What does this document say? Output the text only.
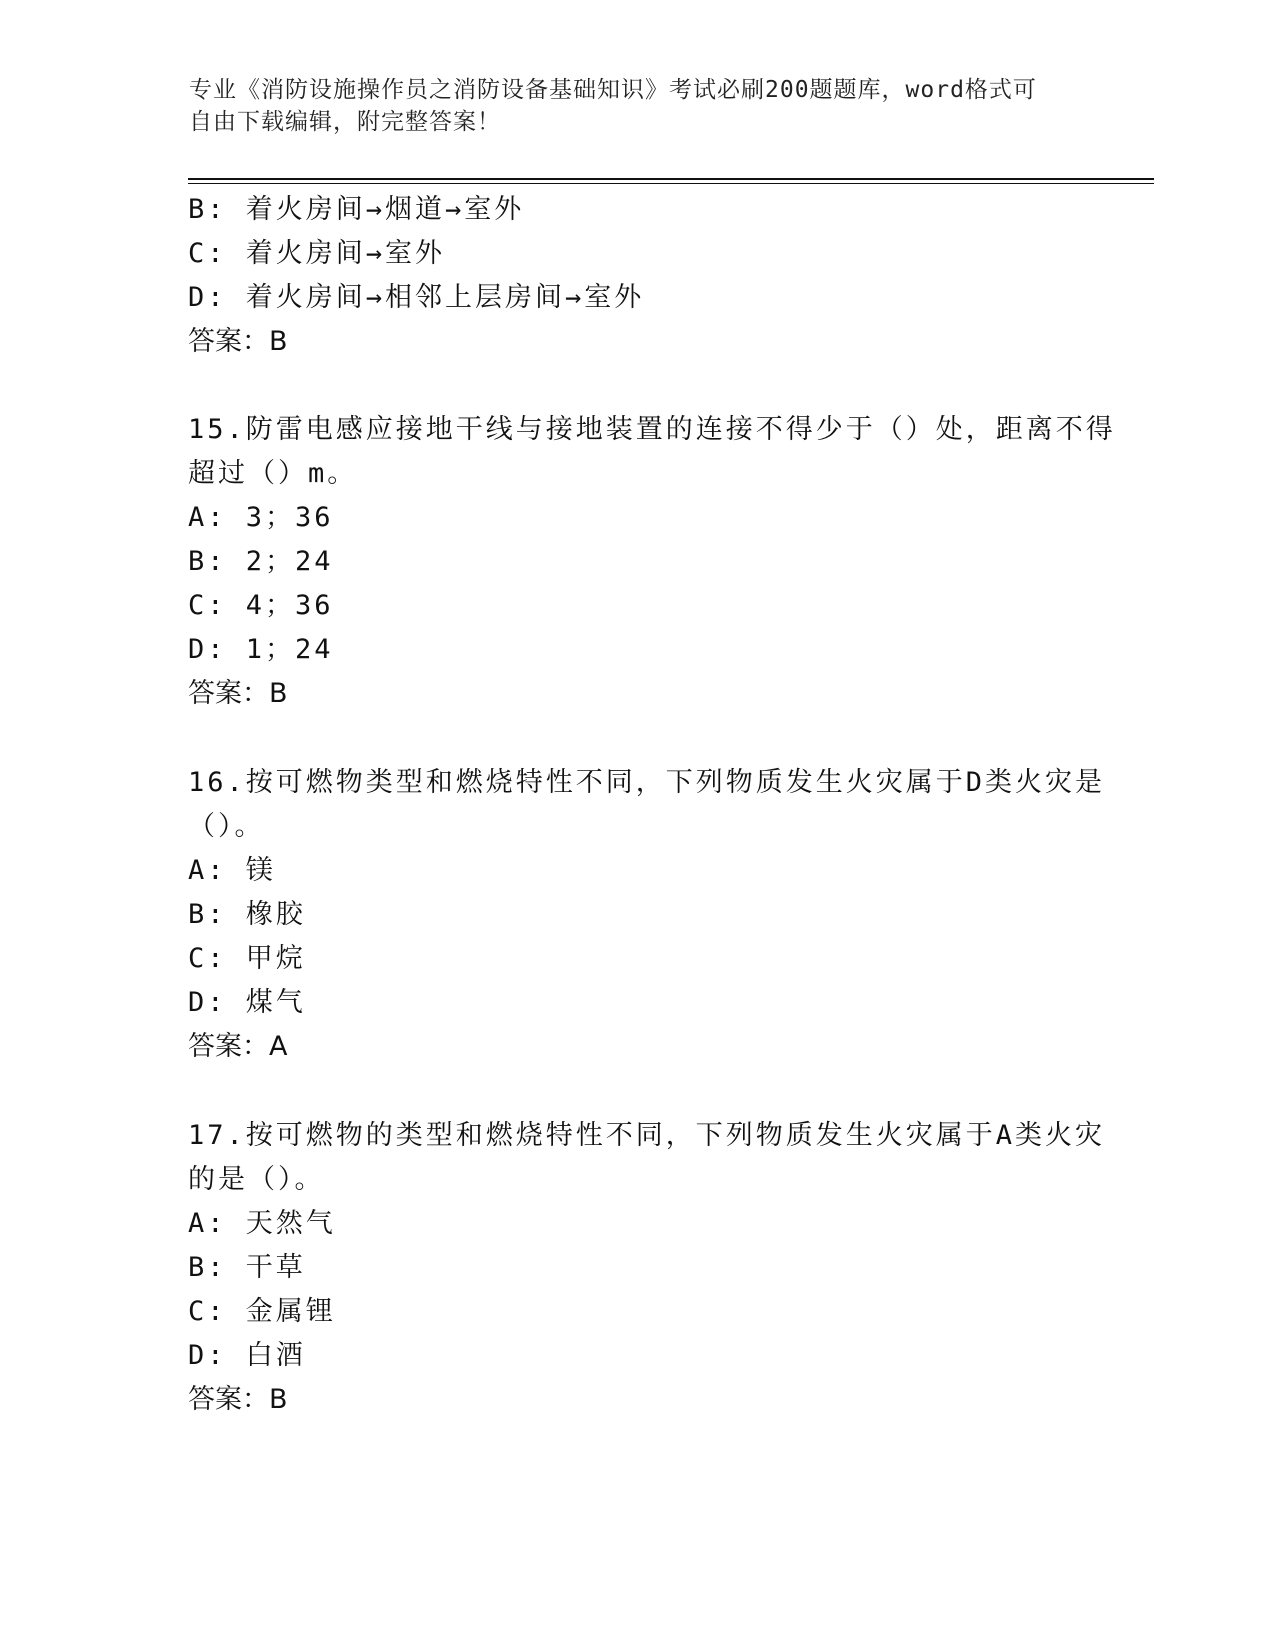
专业《消防设施操作员之消防设备基础知识》考试必刷200题题库，word格式可
自由下载编辑，附完整答案！
B: 着火房间→烟道→室外
C: 着火房间→室外
D: 着火房间→相邻上层房间→室外
答案：B
15.防雷电感应接地干线与接地装置的连接不得少于（）处，距离不得
超过（）m。
A: 3；36
B: 2；24
C: 4；36
D: 1；24
答案：B
16.按可燃物类型和燃烧特性不同，下列物质发生火灾属于D类火灾是
（）。
A: 镁
B: 橡胶
C: 甲烷
D: 煤气
答案：A
17.按可燃物的类型和燃烧特性不同，下列物质发生火灾属于A类火灾
的是（）。
A: 天然气
B: 干草
C: 金属锂
D: 白酒
答案：B
